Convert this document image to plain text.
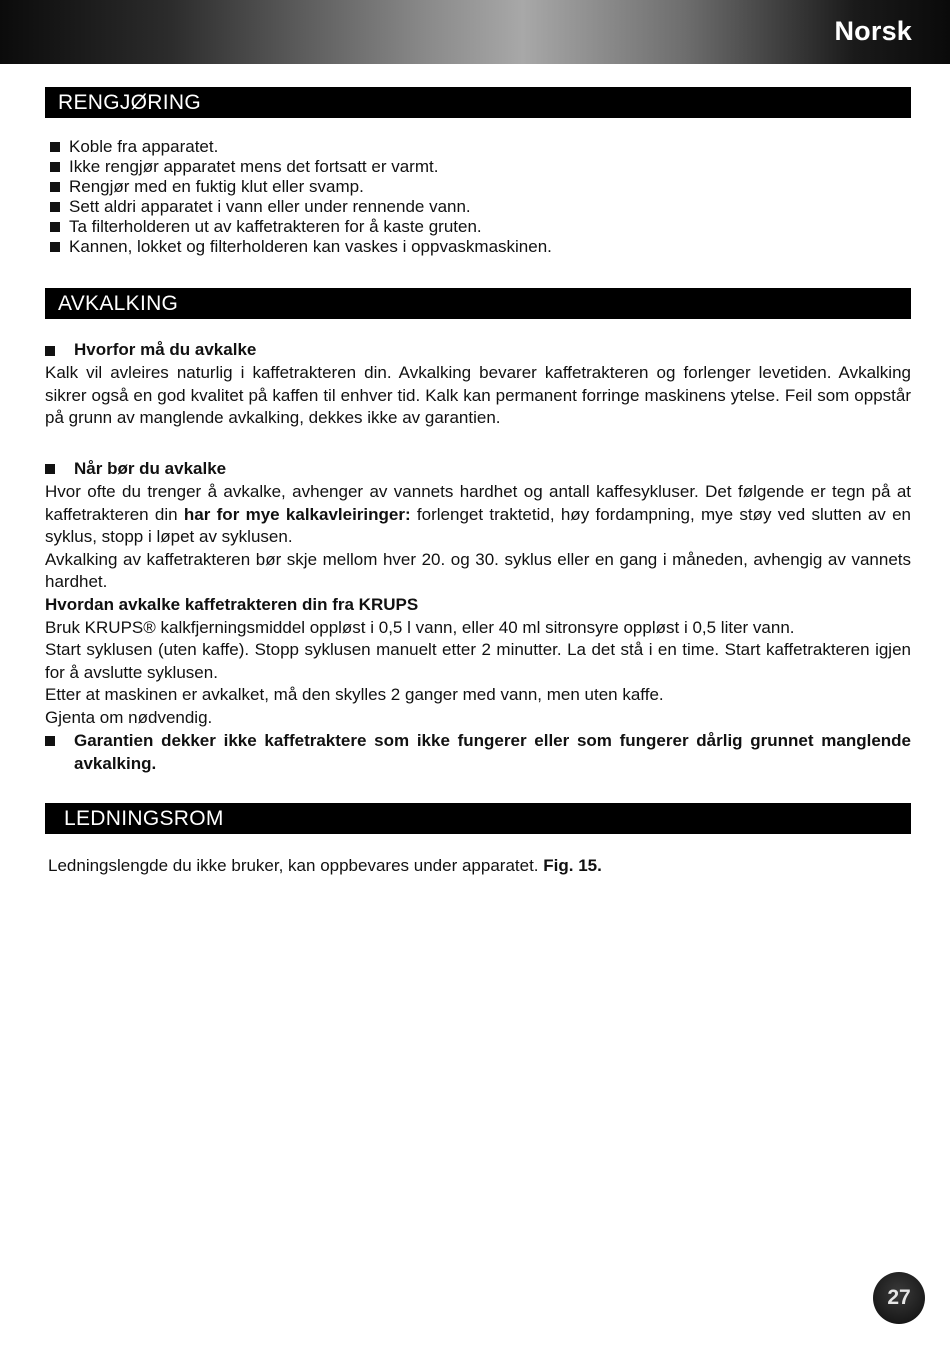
Norsk
RENGJØRING
Koble fra apparatet.
Ikke rengjør apparatet mens det fortsatt er varmt.
Rengjør med en fuktig klut eller svamp.
Sett aldri apparatet i vann eller under rennende vann.
Ta filterholderen ut av kaffetrakteren for å kaste gruten.
Kannen, lokket og filterholderen kan vaskes i oppvaskmaskinen.
AVKALKING
Hvorfor må du avkalke
Kalk vil avleires naturlig i kaffetrakteren din. Avkalking bevarer kaffetrakteren og forlenger levetiden. Avkalking sikrer også en god kvalitet på kaffen til enhver tid. Kalk kan permanent forringe maskinens ytelse. Feil som oppstår på grunn av manglende avkalking, dekkes ikke av garantien.
Når bør du avkalke

Hvor ofte du trenger å avkalke, avhenger av vannets hardhet og antall kaffesykluser. Det følgende er tegn på at kaffetrakteren din har for mye kalkavleiringer: forlenget traktetid, høy fordampning, mye støy ved slutten av en syklus, stopp i løpet av syklusen.

Avkalking av kaffetrakteren bør skje mellom hver 20. og 30. syklus eller en gang i måneden, avhengig av vannets hardhet.

Hvordan avkalke kaffetrakteren din fra KRUPS

Bruk KRUPS® kalkfjerningsmiddel oppløst i 0,5 l vann, eller 40 ml sitronsyre oppløst i 0,5 liter vann.

Start syklusen (uten kaffe). Stopp syklusen manuelt etter 2 minutter. La det stå i en time. Start kaffetrakteren igjen for å avslutte syklusen.

Etter at maskinen er avkalket, må den skylles 2 ganger med vann, men uten kaffe.

Gjenta om nødvendig.

Garantien dekker ikke kaffetraktere som ikke fungerer eller som fungerer dårlig grunnet manglende avkalking.
LEDNINGSROM
Ledningslengde du ikke bruker, kan oppbevares under apparatet. Fig. 15.
27
